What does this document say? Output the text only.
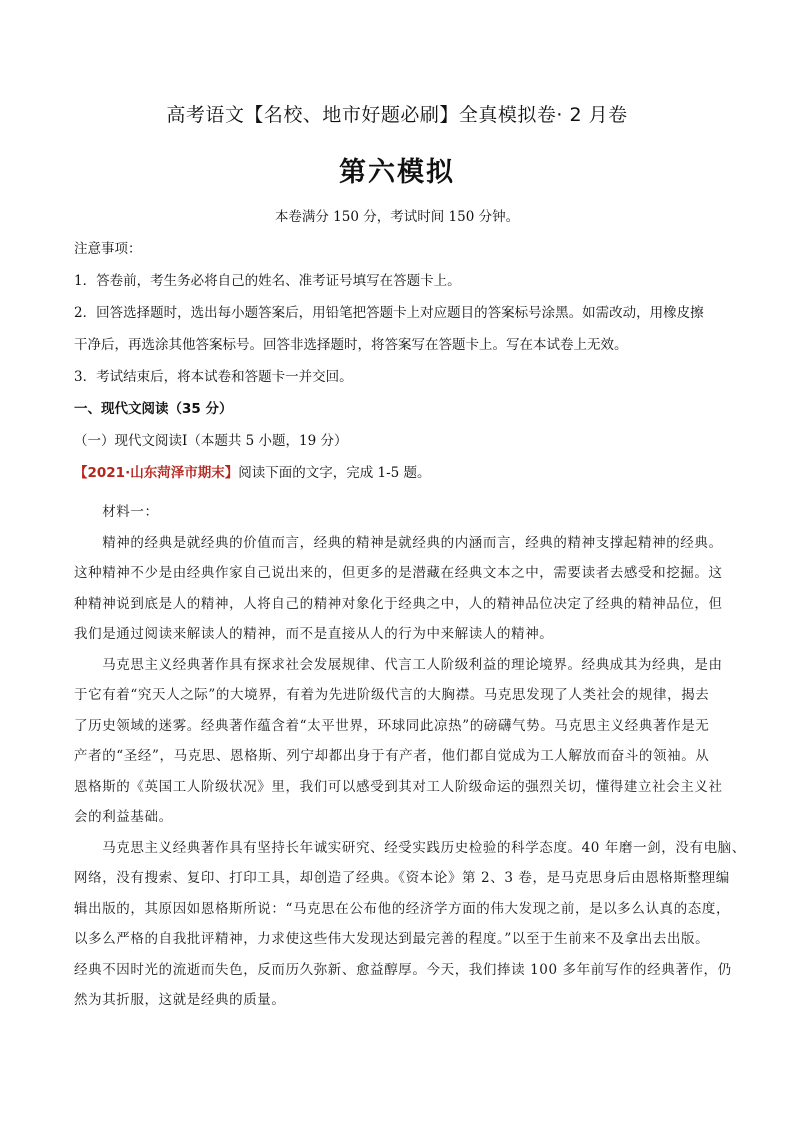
高考语文【名校、地市好题必刷】全真模拟卷· 2 月卷
第六模拟
本卷满分 150 分，考试时间 150 分钟。
注意事项：
1．答卷前，考生务必将自己的姓名、准考证号填写在答题卡上。
2．回答选择题时，选出每小题答案后，用铅笔把答题卡上对应题目的答案标号涂黑。如需改动，用橡皮擦
干净后，再选涂其他答案标号。回答非选择题时，将答案写在答题卡上。写在本试卷上无效。
3．考试结束后，将本试卷和答题卡一并交回。
一、现代文阅读（35 分）
（一）现代文阅读Ⅰ（本题共 5 小题，19 分）
【2021·山东菏泽市期末】阅读下面的文字，完成 1-5 题。
　　材料一：
　　精神的经典是就经典的价值而言，经典的精神是就经典的内涵而言，经典的精神支撑起精神的经典。
这种精神不少是由经典作家自己说出来的，但更多的是潜藏在经典文本之中，需要读者去感受和挖掘。这
种精神说到底是人的精神，人将自己的精神对象化于经典之中，人的精神品位决定了经典的精神品位，但
我们是通过阅读来解读人的精神，而不是直接从人的行为中来解读人的精神。
　　马克思主义经典著作具有探求社会发展规律、代言工人阶级利益的理论境界。经典成其为经典，是由
于它有着“究天人之际”的大境界，有着为先进阶级代言的大胸襟。马克思发现了人类社会的规律，揭去
了历史领域的迷雾。经典著作蕴含着“太平世界，环球同此凉热”的磅礴气势。马克思主义经典著作是无
产者的“圣经”，马克思、恩格斯、列宁却都出身于有产者，他们都自觉成为工人解放而奋斗的领袖。从
恩格斯的《英国工人阶级状况》里，我们可以感受到其对工人阶级命运的强烈关切，懂得建立社会主义社
会的利益基础。
　　马克思主义经典著作具有坚持长年诚实研究、经受实践历史检验的科学态度。40 年磨一剑，没有电脑、
网络，没有搜索、复印、打印工具，却创造了经典。《资本论》第 2、3 卷，是马克思身后由恩格斯整理编
辑出版的，其原因如恩格斯所说：“马克思在公布他的经济学方面的伟大发现之前，是以多么认真的态度，
以多么严格的自我批评精神，力求使这些伟大发现达到最完善的程度。”以至于生前来不及拿出去出版。
经典不因时光的流逝而失色，反而历久弥新、愈益醇厚。今天，我们捧读 100 多年前写作的经典著作，仍
然为其折服，这就是经典的质量。
